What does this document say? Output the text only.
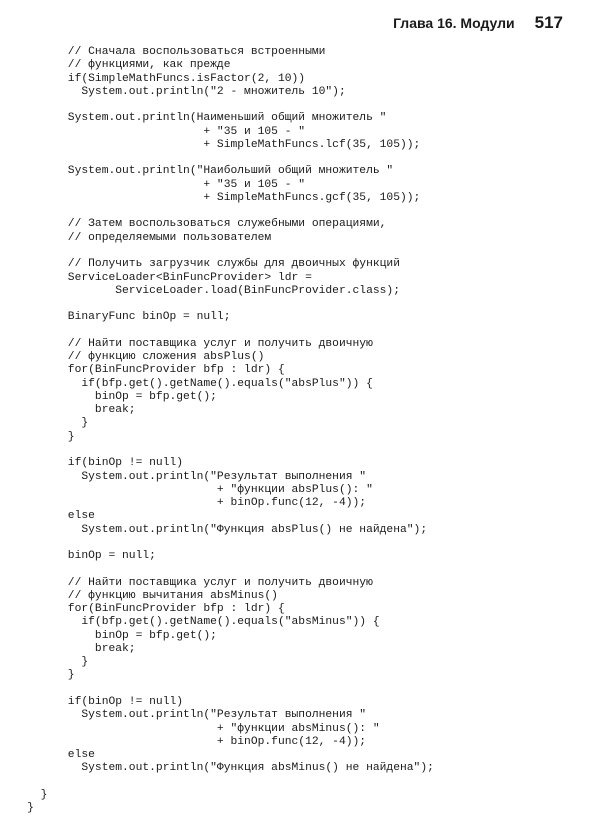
Глава 16. Модули 517
// Сначала воспользоваться встроенными
// функциями, как прежде
if(SimpleMathFuncs.isFactor(2, 10))
System.out.println("2 - множитель 10");
System.out.println(Наименьший общий множитель "
+ "35 и 105 - "
+ SimpleMathFuncs.lcf(35, 105));
System.out.println("Наибольший общий множитель "
+ "35 и 105 - "
+ SimpleMathFuncs.gcf(35, 105));
// Затем воспользоваться служебными операциями,
// определяемыми пользователем
// Получить загрузчик службы для двоичных функций
ServiceLoader<BinFuncProvider> ldr =
ServiceLoader.load(BinFuncProvider.class);
BinaryFunc binOp = null;
// Найти поставщика услуг и получить двоичную
// функцию сложения absPlus()
for(BinFuncProvider bfp : ldr) {
if(bfp.get().getName().equals("absPlus")) {
binOp = bfp.get();
break;
}
}
if(binOp != null)
System.out.println("Результат выполнения "
+ "функции absPlus(): "
+ binOp.func(12, -4));
else
System.out.println("Функция absPlus() не найдена");
binOp = null;
// Найти поставщика услуг и получить двоичную
// функцию вычитания absMinus()
for(BinFuncProvider bfp : ldr) {
if(bfp.get().getName().equals("absMinus")) {
binOp = bfp.get();
break;
}
}
if(binOp != null)
System.out.println("Результат выполнения "
+ "функции absMinus(): "
+ binOp.func(12, -4));
else
System.out.println("Функция absMinus() не найдена");
}
}
